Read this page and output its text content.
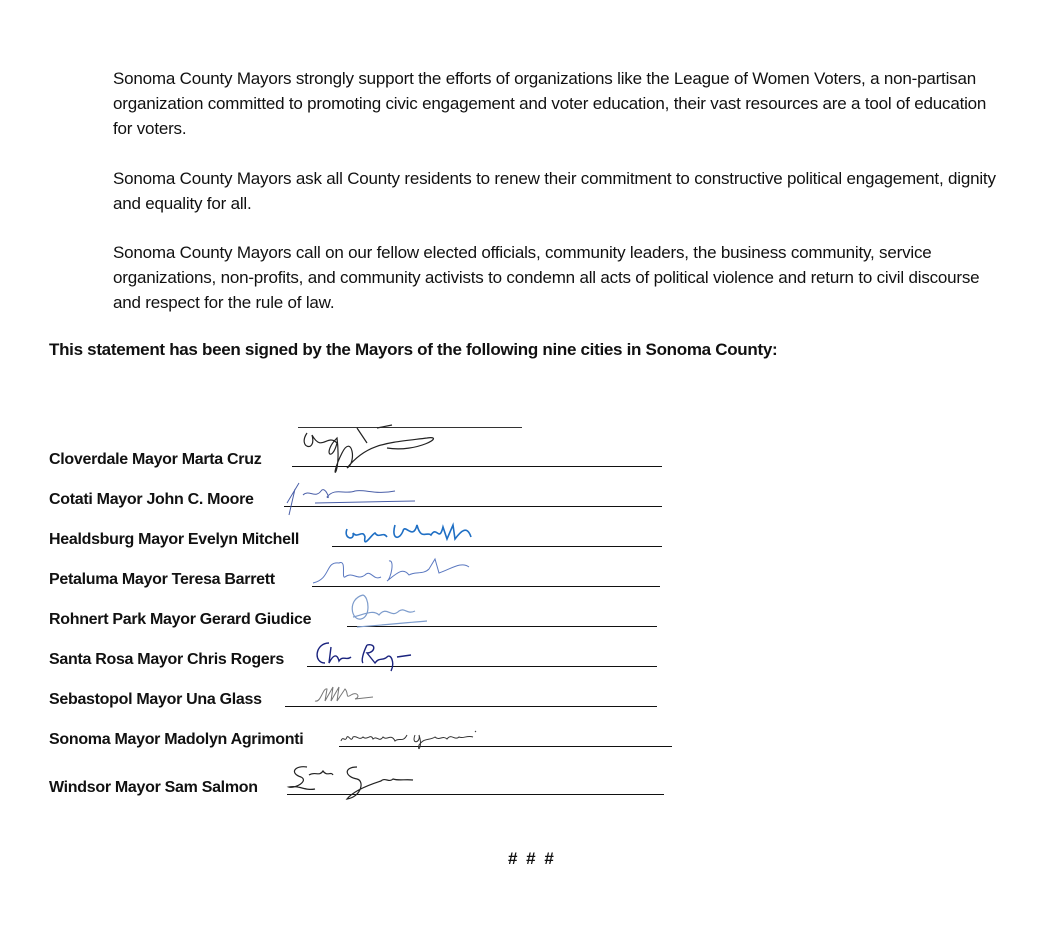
Sonoma County Mayors strongly support the efforts of organizations like the League of Women Voters, a non-partisan organization committed to promoting civic engagement and voter education, their vast resources are a tool of education for voters.

Sonoma County Mayors ask all County residents to renew their commitment to constructive political engagement, dignity and equality for all.

Sonoma County Mayors call on our fellow elected officials, community leaders, the business community, service organizations, non-profits, and community activists to condemn all acts of political violence and return to civil discourse and respect for the rule of law.

This statement has been signed by the Mayors of the following nine cities in Sonoma County:

Cloverdale Mayor Marta Cruz
Cotati Mayor John C. Moore
Healdsburg Mayor Evelyn Mitchell
Petaluma Mayor Teresa Barrett
Rohnert Park Mayor Gerard Giudice
Santa Rosa Mayor Chris Rogers
Sebastopol Mayor Una Glass
Sonoma Mayor Madolyn Agrimonti
Windsor Mayor Sam Salmon
# # #
